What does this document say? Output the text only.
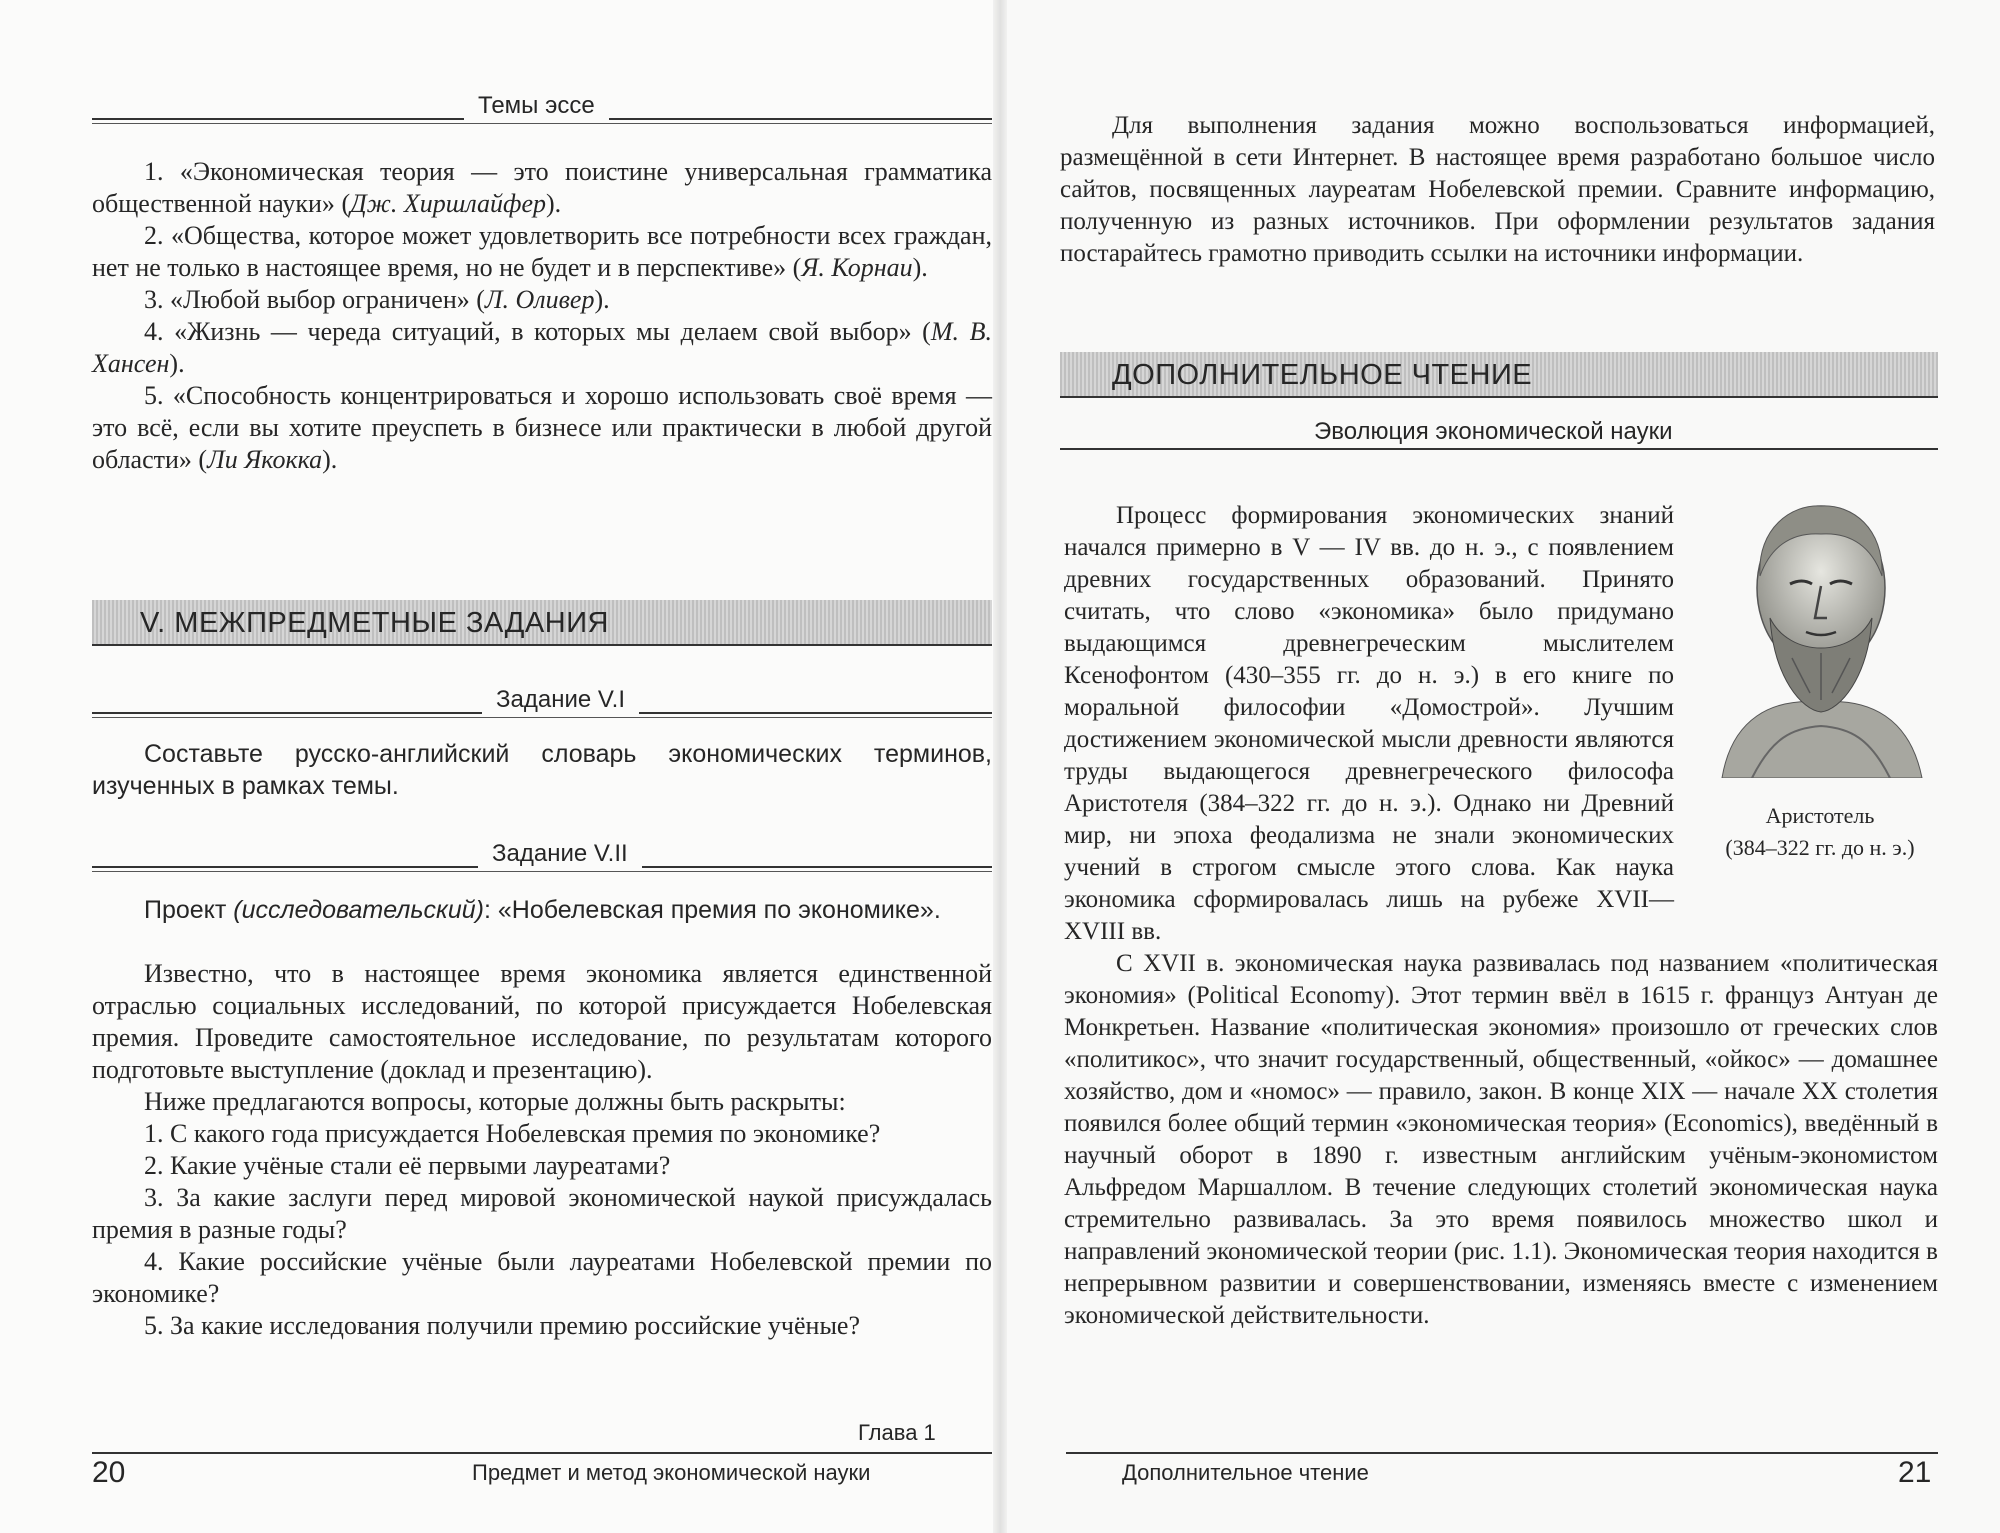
Темы эссе

1. «Экономическая теория — это поистине универсальная грамматика общественной науки» (Дж. Хиршлайфер).

2. «Общества, которое может удовлетворить все потребности всех граждан, нет не только в настоящее время, но не будет и в перспективе» (Я. Корнаи).

3. «Любой выбор ограничен» (Л. Оливер).

4. «Жизнь — череда ситуаций, в которых мы делаем свой выбор» (М. В. Хансен).

5. «Способность концентрироваться и хорошо использовать своё время — это всё, если вы хотите преуспеть в бизнесе или практически в любой другой области» (Ли Якокка).

V. МЕЖПРЕДМЕТНЫЕ ЗАДАНИЯ
Задание V.I

Составьте русско-английский словарь экономических терминов, изученных в рамках темы.

Задание V.II

Проект (исследовательский): «Нобелевская премия по экономике».

Известно, что в настоящее время экономика является единственной отраслью социальных исследований, по которой присуждается Нобелевская премия. Проведите самостоятельное исследование, по результатам которого подготовьте выступление (доклад и презентацию).

Ниже предлагаются вопросы, которые должны быть раскрыты:

1. С какого года присуждается Нобелевская премия по экономике?

2. Какие учёные стали её первыми лауреатами?

3. За какие заслуги перед мировой экономической наукой присуждалась премия в разные годы?

4. Какие российские учёные были лауреатами Нобелевской премии по экономике?

5. За какие исследования получили премию российские учёные?

Глава 1
20	Предмет и метод экономической науки
Для выполнения задания можно воспользоваться информацией, размещённой в сети Интернет. В настоящее время разработано большое число сайтов, посвященных лауреатам Нобелевской премии. Сравните информацию, полученную из разных источников. При оформлении результатов задания постарайтесь грамотно приводить ссылки на источники информации.
ДОПОЛНИТЕЛЬНОЕ ЧТЕНИЕ
Эволюция экономической науки
Процесс формирования экономических знаний начался примерно в V — IV вв. до н. э., с появлением древних государственных образований. Принято считать, что слово «экономика» было придумано выдающимся древнегреческим мыслителем Ксенофонтом (430–355 гг. до н. э.) в его книге по моральной философии «Домострой». Лучшим достижением экономической мысли древности являются труды выдающегося древнегреческого философа Аристотеля (384–322 гг. до н. э.). Однако ни Древний мир, ни эпоха феодализма не знали экономических учений в строгом смысле этого слова. Как наука экономика сформировалась лишь на рубеже XVII—XVIII вв.
С XVII в. экономическая наука развивалась под названием «политическая экономия» (Political Economy). Этот термин ввёл в 1615 г. француз Антуан де Монкретьен. Название «политическая экономия» произошло от греческих слов «политикос», что значит государственный, общественный, «ойкос» — домашнее хозяйство, дом и «номос» — правило, закон. В конце XIX — начале XX столетия появился более общий термин «экономическая теория» (Economics), введённый в научный оборот в 1890 г. известным английским учёным-экономистом Альфредом Маршаллом. В течение следующих столетий экономическая наука стремительно развивалась. За это время появилось множество школ и направлений экономической теории (рис. 1.1). Экономическая теория находится в непрерывном развитии и совершенствовании, изменяясь вместе с изменением экономической действительности.
Дополнительное чтение	21
Аристотель
(384–322 гг. до н. э.)
